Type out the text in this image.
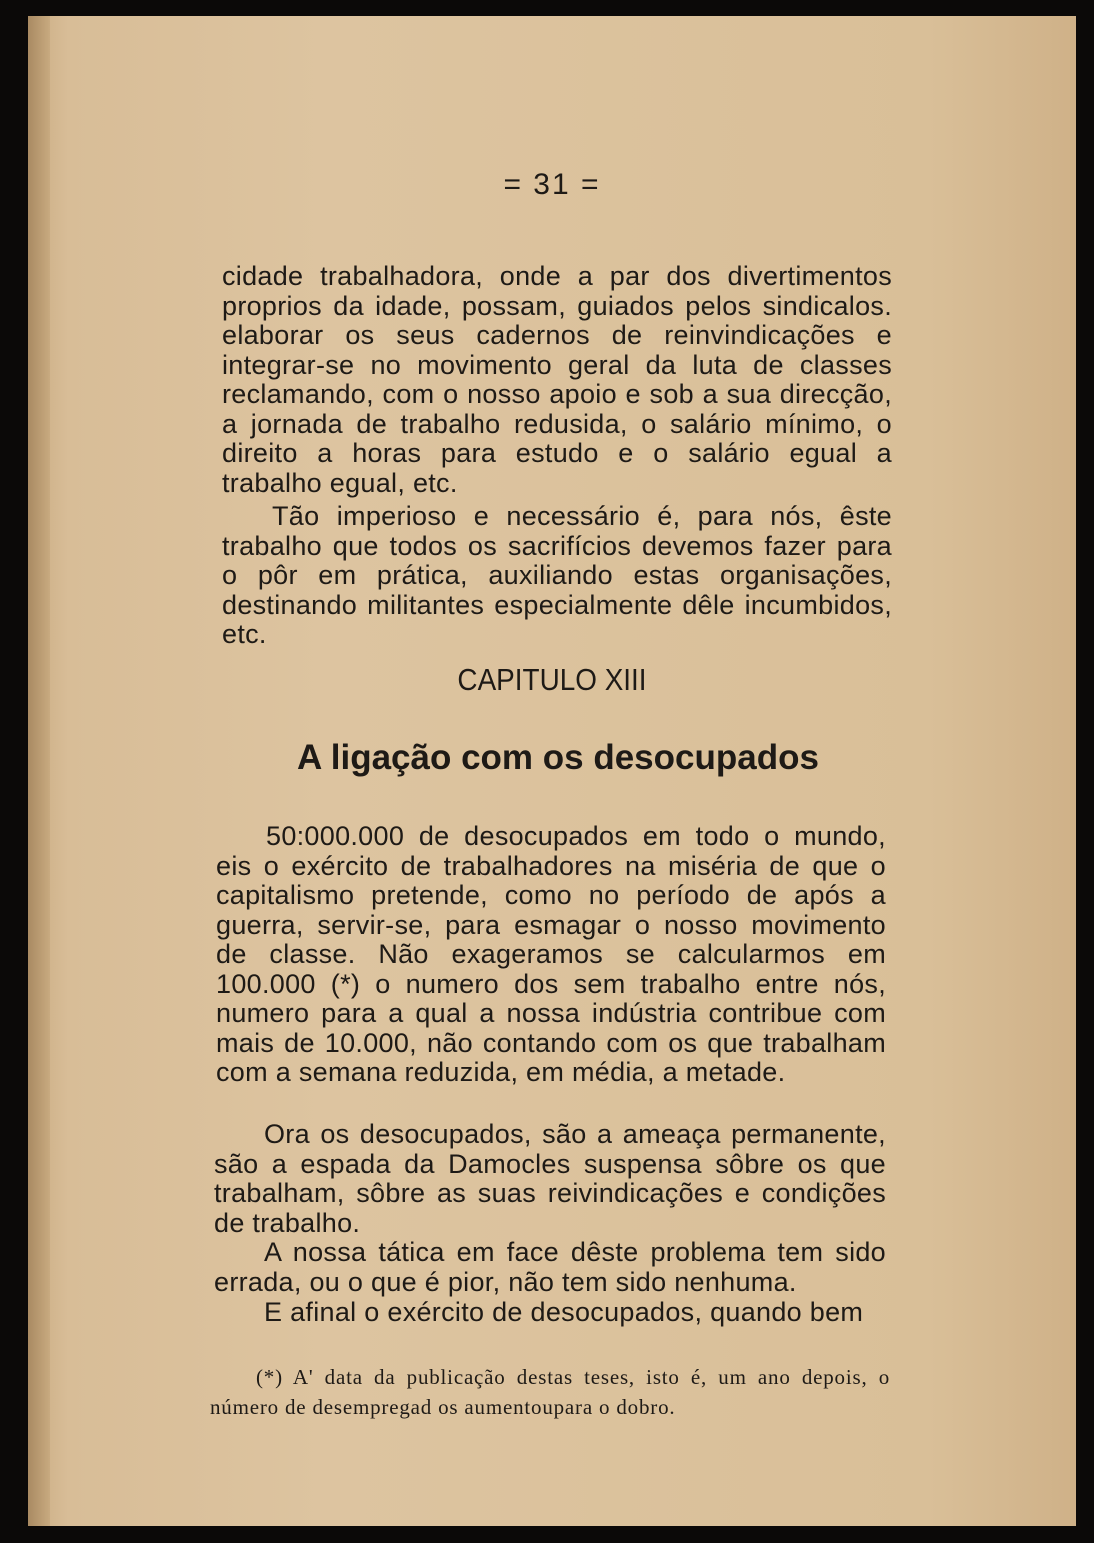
= 31 =

cidade trabalhadora, onde a par dos divertimentos proprios da idade, possam, guiados pelos sindicalos. elaborar os seus cadernos de reinvindicações e integrar-se no movimento geral da luta de classes reclamando, com o nosso apoio e sob a sua direcção, a jornada de trabalho redusida, o salário mínimo, o direito a horas para estudo e o salário egual a trabalho egual, etc.

Tão imperioso e necessário é, para nós, êste trabalho que todos os sacrifícios devemos fazer para o pôr em prática, auxiliando estas organisações, destinando militantes especialmente dêle incumbidos, etc.

CAPITULO XIII
A ligação com os desocupados

50:000.000 de desocupados em todo o mundo, eis o exército de trabalhadores na miséria de que o capitalismo pretende, como no período de após a guerra, servir-se, para esmagar o nosso movimento de classe. Não exageramos se calcularmos em 100.000 (*) o numero dos sem trabalho entre nós, numero para a qual a nossa indústria contribue com mais de 10.000, não contando com os que trabalham com a semana reduzida, em média, a metade.

Ora os desocupados, são a ameaça permanente, são a espada da Damocles suspensa sôbre os que trabalham, sôbre as suas reivindicações e condições de trabalho.

A nossa tática em face dêste problema tem sido errada, ou o que é pior, não tem sido nenhuma.

E afinal o exército de desocupados, quando bem

(*) A' data da publicação destas teses, isto é, um ano depois, o número de desempregad os aumentoupara o dobro.
